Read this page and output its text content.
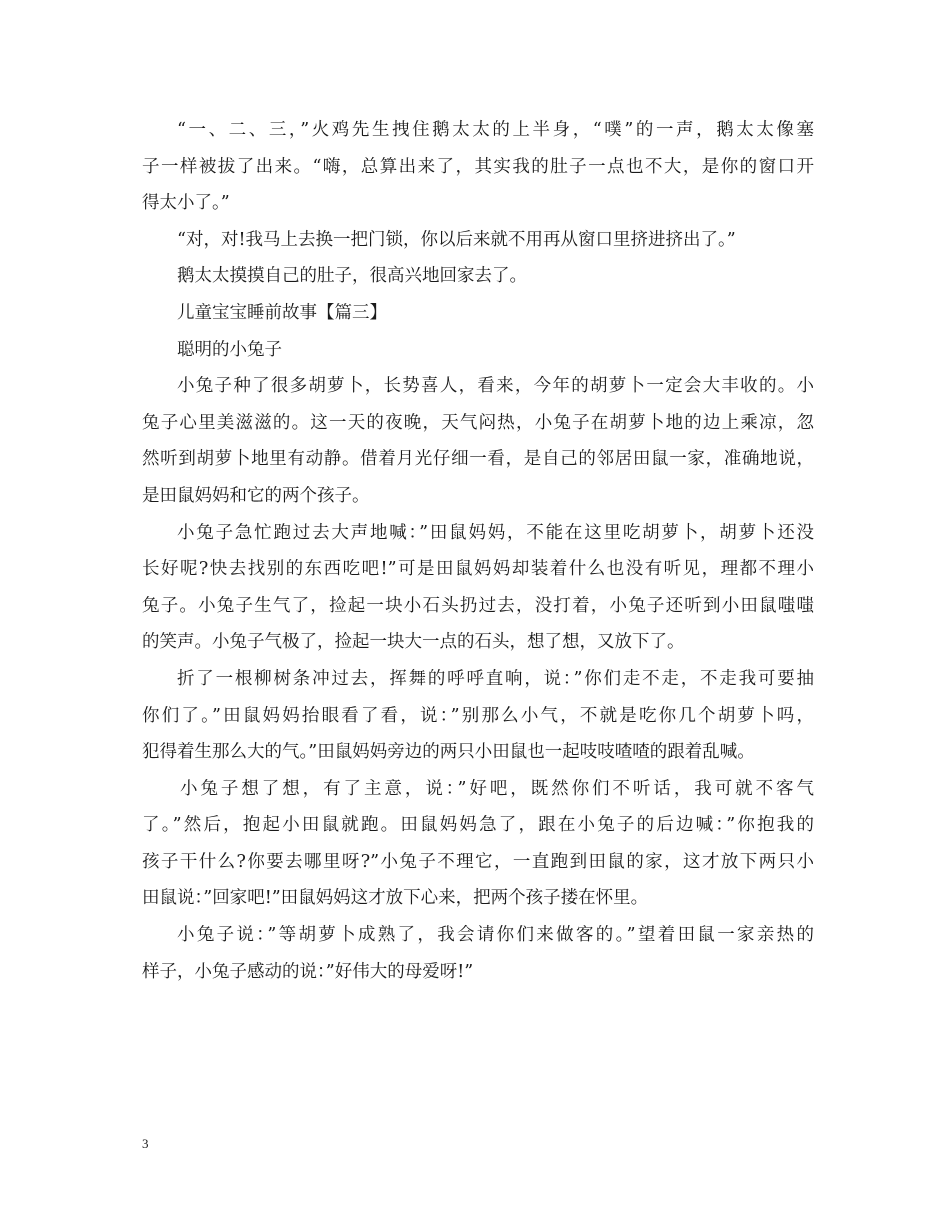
“一、二、三，”火鸡先生拽住鹅太太的上半身，“噗”的一声，鹅太太像塞
子一样被拔了出来。“嗨，总算出来了，其实我的肚子一点也不大，是你的窗口开
得太小了。”
“对，对!我马上去换一把门锁，你以后来就不用再从窗口里挤进挤出了。”
鹅太太摸摸自己的肚子，很高兴地回家去了。
儿童宝宝睡前故事【篇三】
聪明的小兔子
小兔子种了很多胡萝卜，长势喜人，看来，今年的胡萝卜一定会大丰收的。小
兔子心里美滋滋的。这一天的夜晚，天气闷热，小兔子在胡萝卜地的边上乘凉，忽
然听到胡萝卜地里有动静。借着月光仔细一看，是自己的邻居田鼠一家，准确地说，
是田鼠妈妈和它的两个孩子。
小兔子急忙跑过去大声地喊：”田鼠妈妈，不能在这里吃胡萝卜，胡萝卜还没
长好呢?快去找别的东西吃吧!”可是田鼠妈妈却装着什么也没有听见，理都不理小
兔子。小兔子生气了，捡起一块小石头扔过去，没打着，小兔子还听到小田鼠嗤嗤
的笑声。小兔子气极了，捡起一块大一点的石头，想了想，又放下了。
折了一根柳树条冲过去，挥舞的呼呼直响，说：”你们走不走，不走我可要抽
你们了。”田鼠妈妈抬眼看了看，说：”别那么小气，不就是吃你几个胡萝卜吗，
犯得着生那么大的气。”田鼠妈妈旁边的两只小田鼠也一起吱吱喳喳的跟着乱喊。
小兔子想了想，有了主意，说：”好吧，既然你们不听话，我可就不客气
了。”然后，抱起小田鼠就跑。田鼠妈妈急了，跟在小兔子的后边喊：”你抱我的
孩子干什么?你要去哪里呀?”小兔子不理它，一直跑到田鼠的家，这才放下两只小
田鼠说：”回家吧!”田鼠妈妈这才放下心来，把两个孩子搂在怀里。
小兔子说：”等胡萝卜成熟了，我会请你们来做客的。”望着田鼠一家亲热的
样子，小兔子感动的说：”好伟大的母爱呀!”
3
